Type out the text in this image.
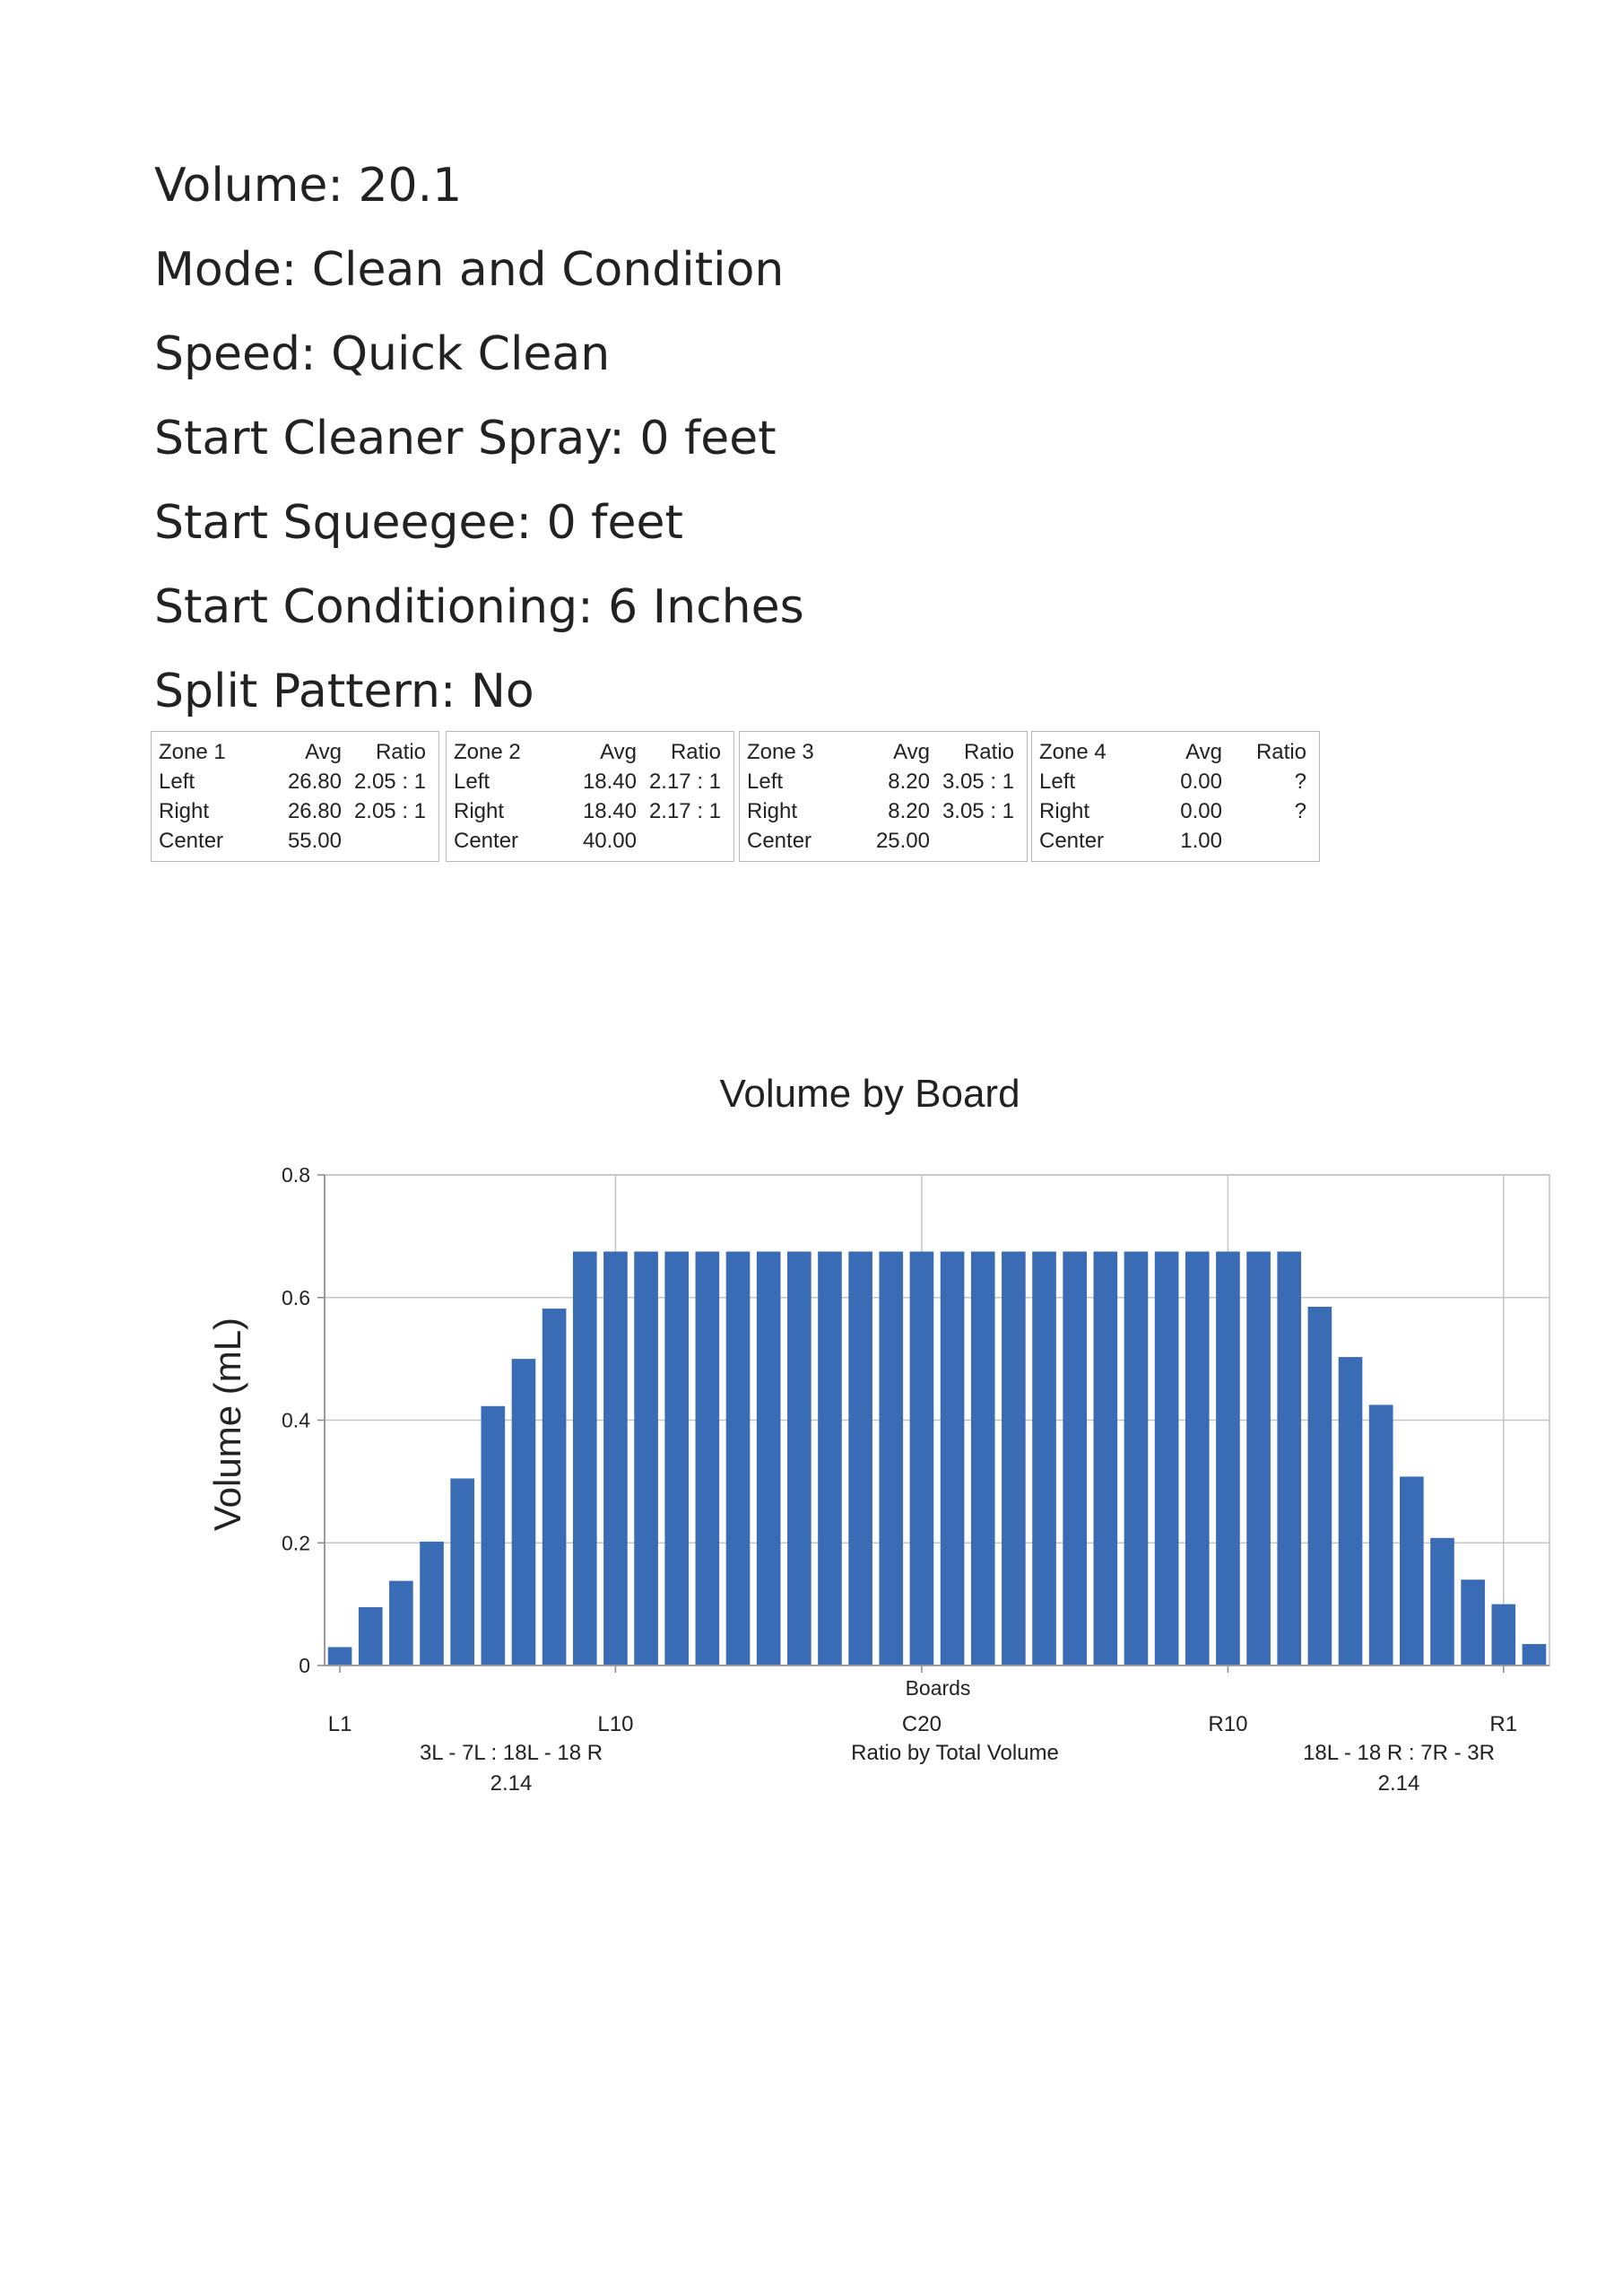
Volume: 20.1
Mode: Clean and Condition
Speed: Quick Clean
Start Cleaner Spray: 0 feet
Start Squeegee: 0 feet
Start Conditioning: 6 Inches
Split Pattern: No
Zone 1	Avg Ratio
Left	26.80 2.05 : 1
Right	26.80 2.05 : 1
Center	55.00
Zone 2	Avg Ratio
Left	18.40 2.17 : 1
Right	18.40 2.17 : 1
Center	40.00
Zone 3	Avg Ratio
Left	8.20 3.05 : 1
Right	8.20 3.05 : 1
Center	25.00
Zone 4	Avg Ratio
Left	0.00	?
Right	0.00	?
Center	1.00
Volume by Board
0
0.2
0.4
0.6
0.8
Volume (mL)
Boards
L1	L10	C20	R10	R1
3L - 7L : 18L - 18 R
2.14
Ratio by Total Volume	18L - 18 R : 7R - 3R
2.14
